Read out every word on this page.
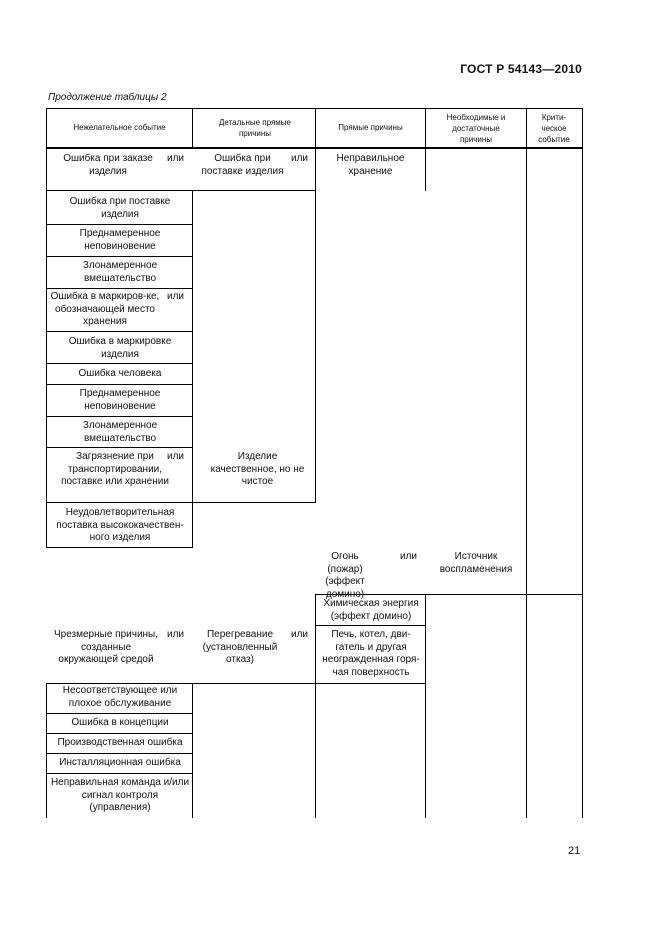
ГОСТ Р 54143—2010
Продолжение таблицы 2
Нежелательное событие
Детальные прямые причины
Прямые причины
Необходимые и достаточные причины
Крити-ческое событие
Ошибка при заказе изделия
Ошибка при поставке изделия
Преднамеренное неповиновение
Злонамеренное вмешательство
Ошибка в маркиров-ке, обозначающей место хранения
Ошибка в маркировке изделия
Ошибка человека
Преднамеренное неповиновение
Злонамеренное вмешательство
Загрязнение при транспортировании, поставке или хранении
Неудовлетворительная поставка высококачествен-ного изделия
Чрезмерные причины, созданные окружающей средой
Несоответствующее или плохое обслуживание
Ошибка в концепции
Производственная ошибка
Инсталляционная ошибка
Неправильная команда и/или сигнал контроля (управления)
Ошибка при поставке изделия
Изделие качественное, но не чистое
Перегревание (установленный отказ)
Неправильное хранение
Огонь (пожар) (эффект домино)
Химическая энергия (эффект домино)
Печь, котел, дви-гатель и другая неогражденная горя-чая поверхность
Источник воспламенения
или	или
или
или
или
или	или
21
